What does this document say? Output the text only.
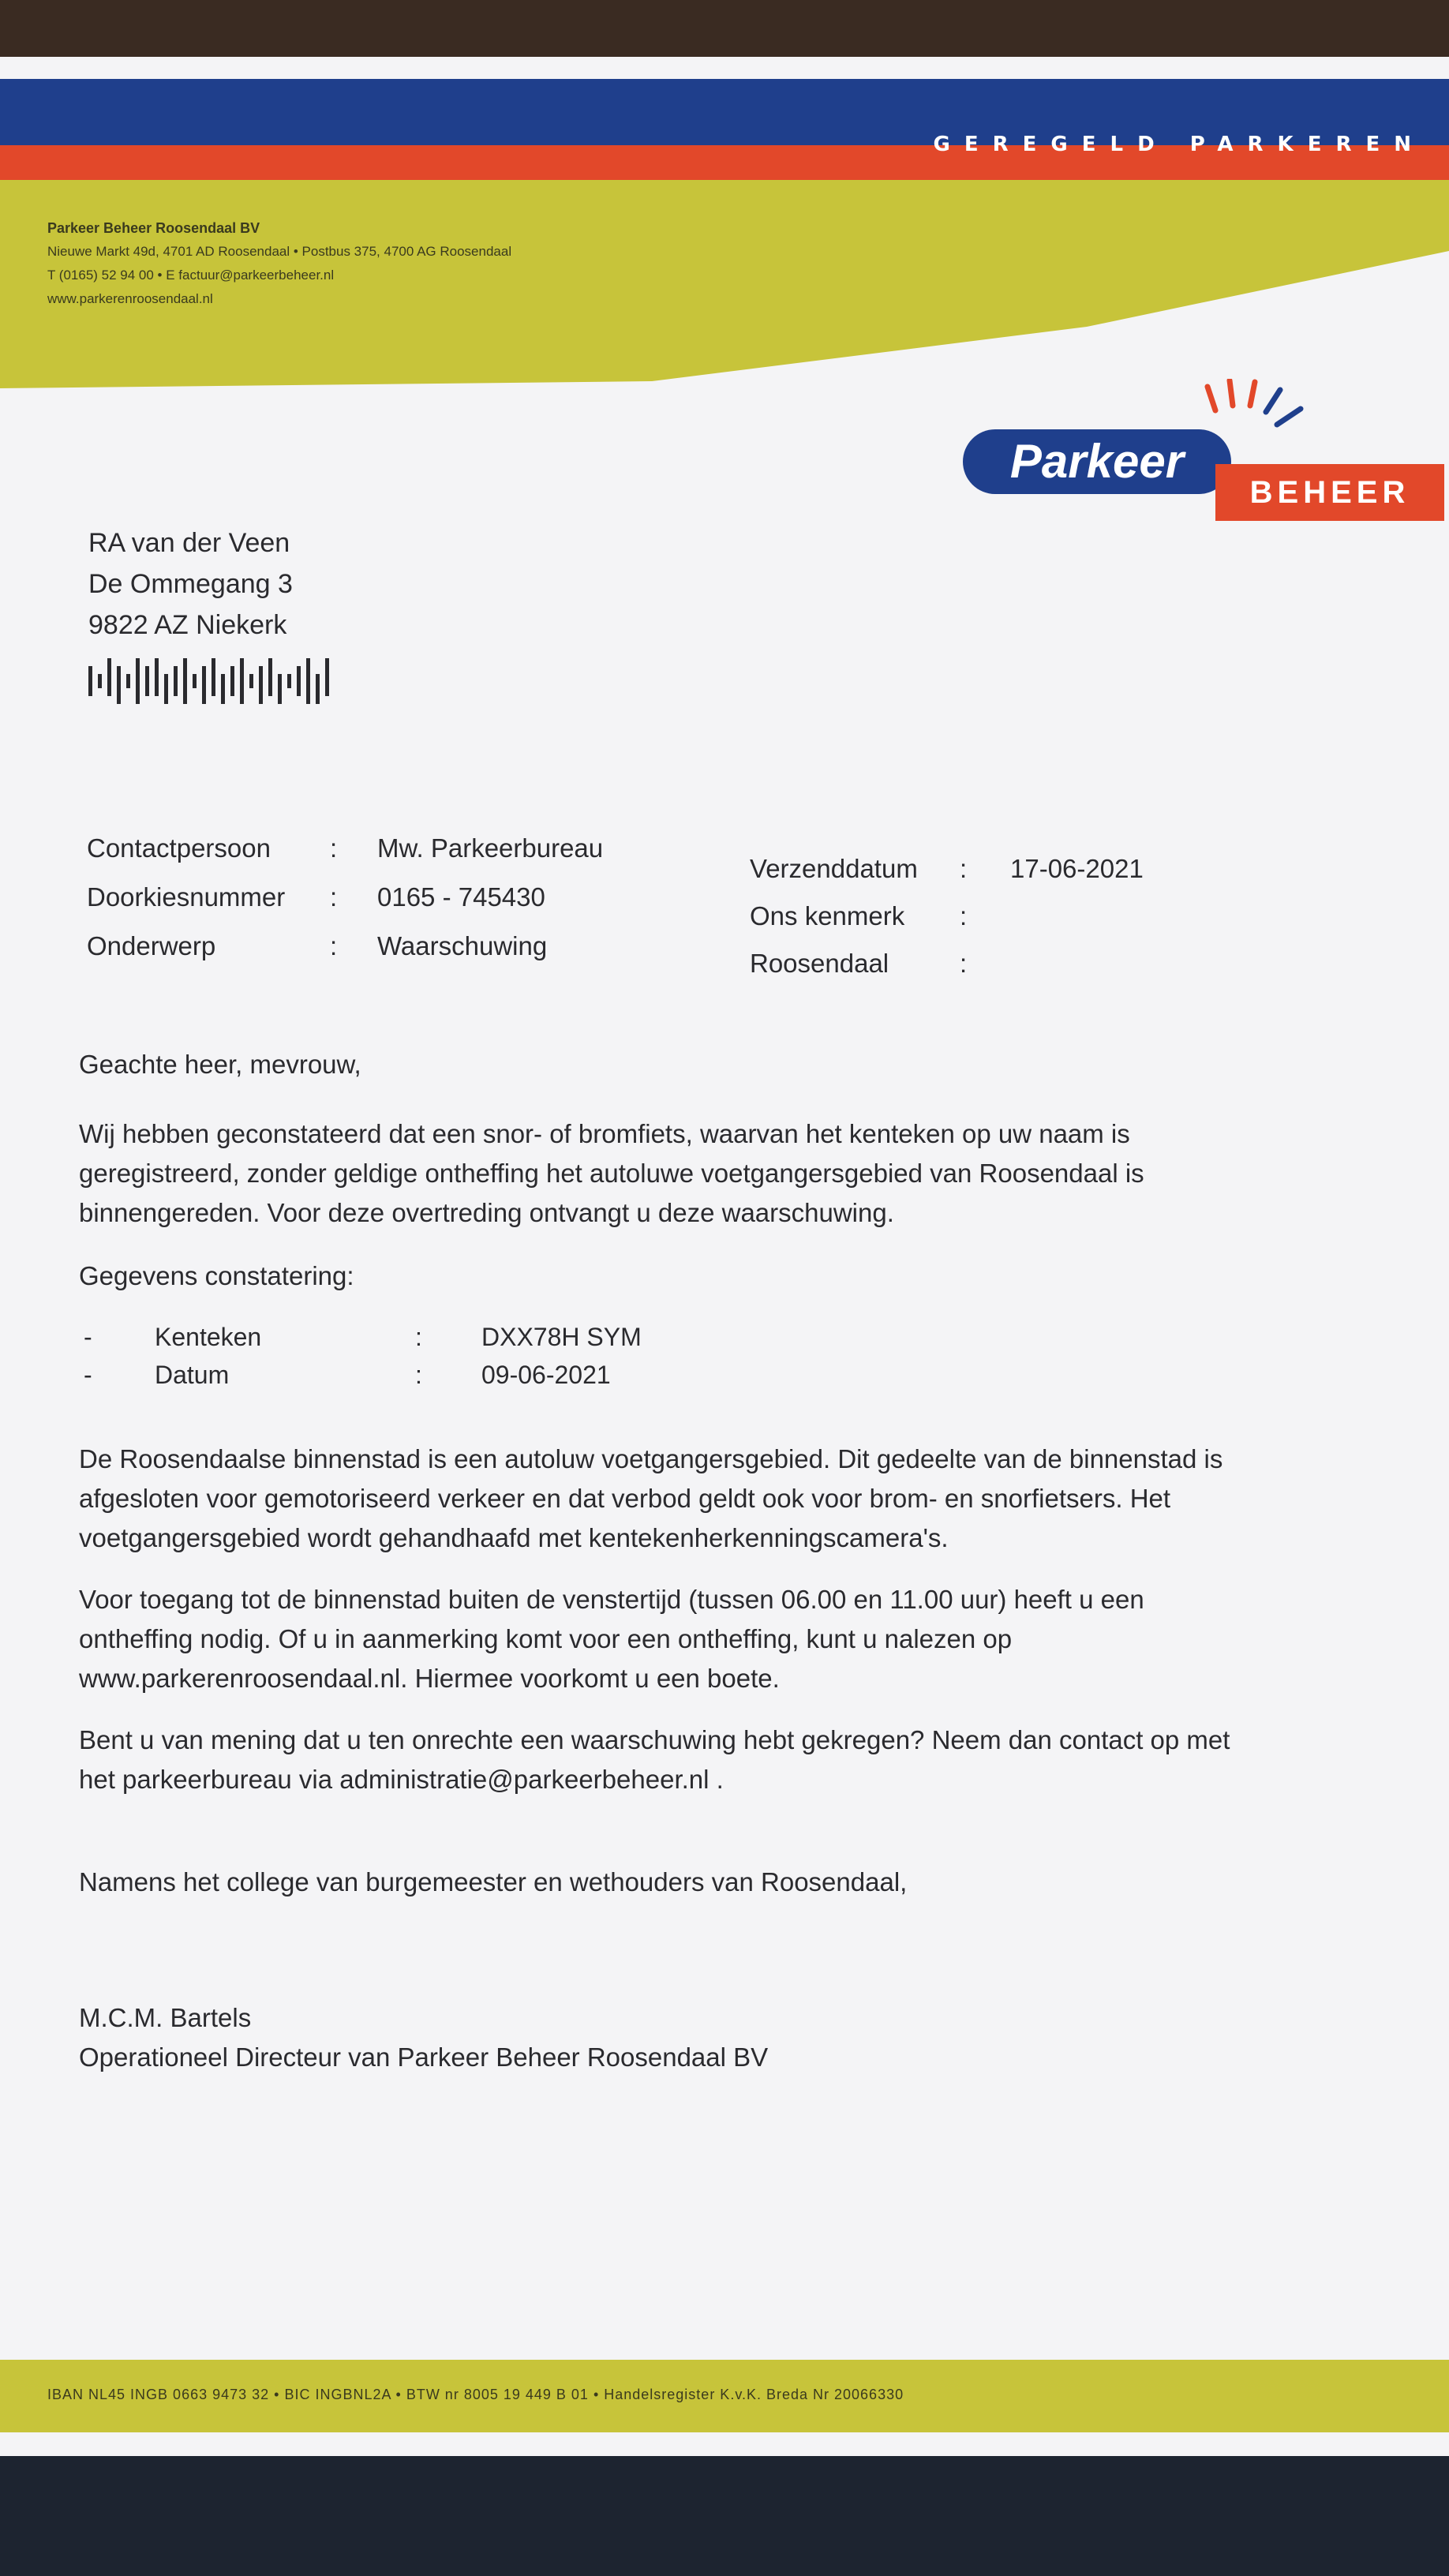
GEREGELD PARKEREN
Parkeer Beheer Roosendaal BV
Nieuwe Markt 49d, 4701 AD Roosendaal • Postbus 375, 4700 AG Roosendaal
T (0165) 52 94 00 • E factuur@parkeerbeheer.nl
www.parkerenroosendaal.nl
Parkeer
BEHEER
RA van der Veen
De Ommegang 3
9822 AZ Niekerk
Contactpersoon : Mw. Parkeerbureau
Doorkiesnummer : 0165 - 745430
Onderwerp	: Waarschuwing
Verzenddatum : 17-06-2021
Ons kenmerk :
Roosendaal	:
Geachte heer, mevrouw,
Wij hebben geconstateerd dat een snor- of bromfiets, waarvan het kenteken op uw naam is
geregistreerd, zonder geldige ontheffing het autoluwe voetgangersgebied van Roosendaal is
binnengereden. Voor deze overtreding ontvangt u deze waarschuwing.
Gegevens constatering:
- Kenteken	: DXX78H SYM
- Datum	: 09-06-2021
De Roosendaalse binnenstad is een autoluw voetgangersgebied. Dit gedeelte van de binnenstad is
afgesloten voor gemotoriseerd verkeer en dat verbod geldt ook voor brom- en snorfietsers. Het
voetgangersgebied wordt gehandhaafd met kentekenherkenningscamera's.
Voor toegang tot de binnenstad buiten de venstertijd (tussen 06.00 en 11.00 uur) heeft u een
ontheffing nodig. Of u in aanmerking komt voor een ontheffing, kunt u nalezen op
www.parkerenroosendaal.nl. Hiermee voorkomt u een boete.
Bent u van mening dat u ten onrechte een waarschuwing hebt gekregen? Neem dan contact op met
het parkeerbureau via administratie@parkeerbeheer.nl .
Namens het college van burgemeester en wethouders van Roosendaal,
M.C.M. Bartels
Operationeel Directeur van Parkeer Beheer Roosendaal BV
IBAN NL45 INGB 0663 9473 32 • BIC INGBNL2A • BTW nr 8005 19 449 B 01 • Handelsregister K.v.K. Breda Nr 20066330
